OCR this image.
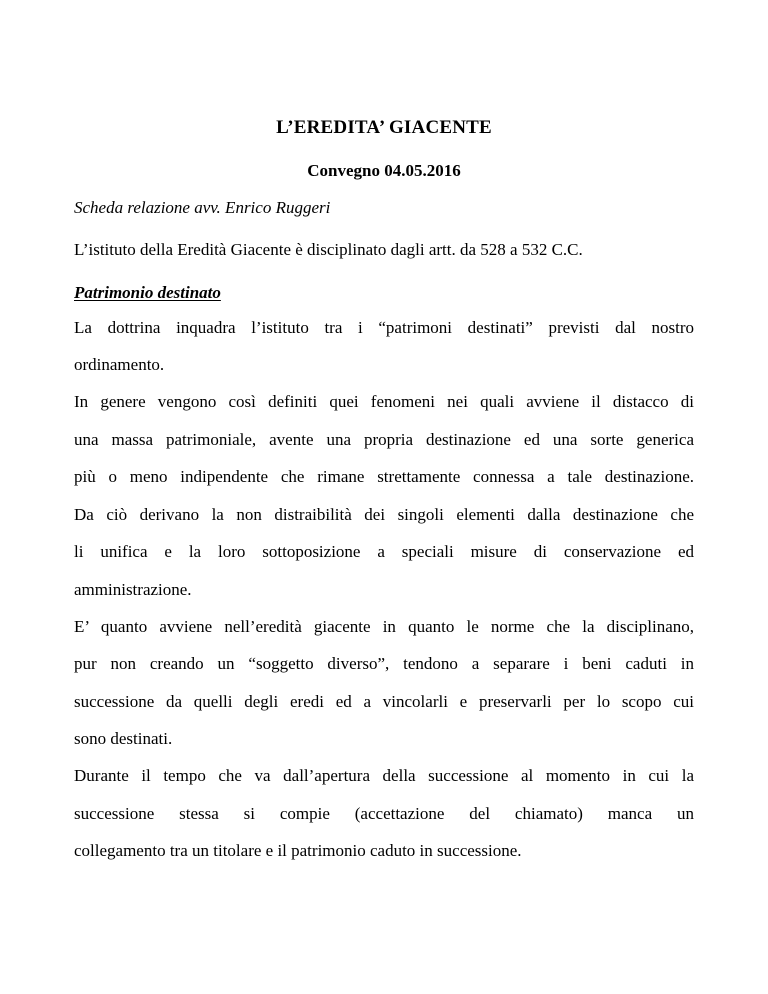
L’EREDITA’ GIACENTE
Convegno 04.05.2016
Scheda relazione avv. Enrico Ruggeri
L’istituto della Eredità Giacente è disciplinato dagli artt. da 528 a 532 C.C.
Patrimonio destinato
La dottrina inquadra l’istituto tra i “patrimoni destinati” previsti dal nostro
ordinamento.
In genere vengono così definiti quei fenomeni nei quali avviene il distacco di
una massa patrimoniale, avente una propria destinazione ed una sorte generica
più o meno indipendente che rimane strettamente connessa a tale destinazione.
Da ciò derivano la non distraibilità dei singoli elementi dalla destinazione che
li unifica e la loro sottoposizione a speciali misure di conservazione ed
amministrazione.
E’ quanto avviene nell’eredità giacente in quanto le norme che la disciplinano,
pur non creando un “soggetto diverso”, tendono a separare i beni caduti in
successione da quelli degli eredi ed a vincolarli e preservarli per lo scopo cui
sono destinati.
Durante il tempo che va dall’apertura della successione al momento in cui la
successione stessa si compie (accettazione del chiamato) manca un
collegamento tra un titolare e il patrimonio caduto in successione.
